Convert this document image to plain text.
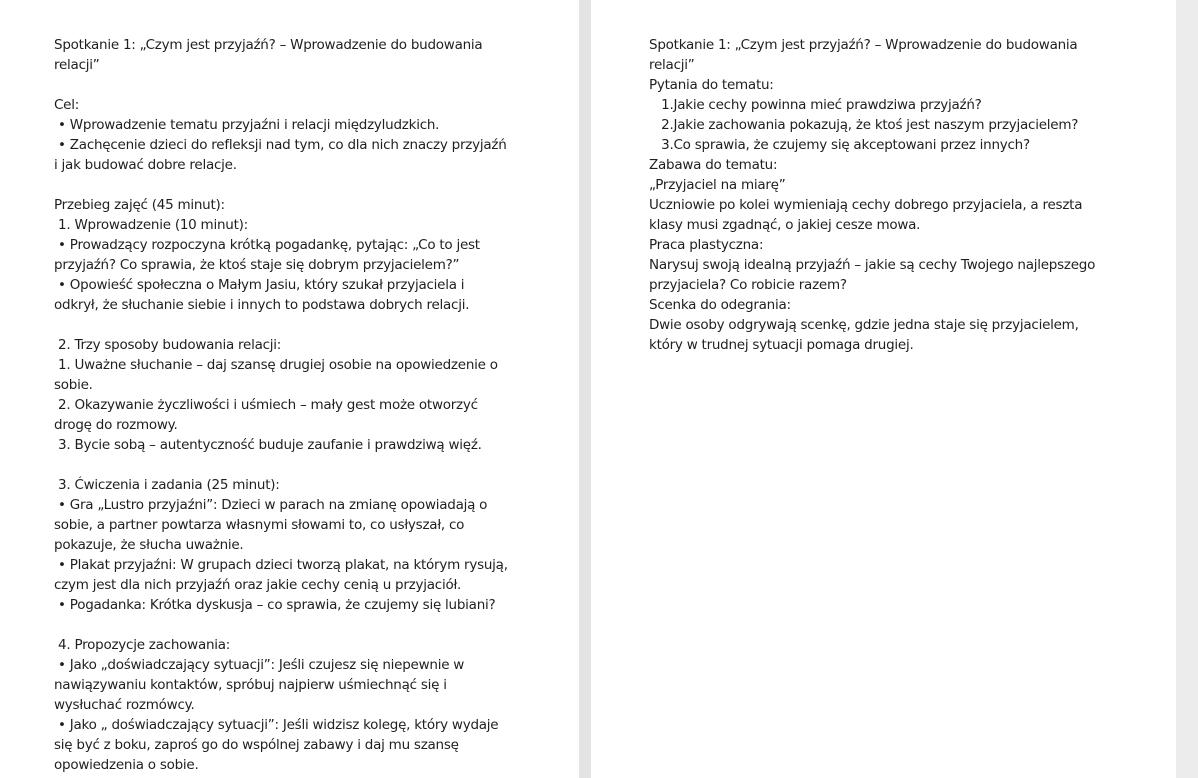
Spotkanie 1: „Czym jest przyjaźń? – Wprowadzenie do budowania
relacji”
Cel:
• Wprowadzenie tematu przyjaźni i relacji międzyludzkich.
• Zachęcenie dzieci do refleksji nad tym, co dla nich znaczy przyjaźń
i jak budować dobre relacje.
Przebieg zajęć (45 minut):
1. Wprowadzenie (10 minut):
• Prowadzący rozpoczyna krótką pogadankę, pytając: „Co to jest
przyjaźń? Co sprawia, że ktoś staje się dobrym przyjacielem?”
• Opowieść społeczna o Małym Jasiu, który szukał przyjaciela i
odkrył, że słuchanie siebie i innych to podstawa dobrych relacji.
2. Trzy sposoby budowania relacji:
1. Uważne słuchanie – daj szansę drugiej osobie na opowiedzenie o
sobie.
2. Okazywanie życzliwości i uśmiech – mały gest może otworzyć
drogę do rozmowy.
3. Bycie sobą – autentyczność buduje zaufanie i prawdziwą więź.
3. Ćwiczenia i zadania (25 minut):
• Gra „Lustro przyjaźni”: Dzieci w parach na zmianę opowiadają o
sobie, a partner powtarza własnymi słowami to, co usłyszał, co
pokazuje, że słucha uważnie.
• Plakat przyjaźni: W grupach dzieci tworzą plakat, na którym rysują,
czym jest dla nich przyjaźń oraz jakie cechy cenią u przyjaciół.
• Pogadanka: Krótka dyskusja – co sprawia, że czujemy się lubiani?
4. Propozycje zachowania:
• Jako „doświadczający sytuacji”: Jeśli czujesz się niepewnie w
nawiązywaniu kontaktów, spróbuj najpierw uśmiechnąć się i
wysłuchać rozmówcy.
• Jako „ doświadczający sytuacji”: Jeśli widzisz kolegę, który wydaje
się być z boku, zaproś go do wspólnej zabawy i daj mu szansę
opowiedzenia o sobie.
Spotkanie 1: „Czym jest przyjaźń? – Wprowadzenie do budowania
relacji”
Pytania do tematu:
1.Jakie cechy powinna mieć prawdziwa przyjaźń?
2.Jakie zachowania pokazują, że ktoś jest naszym przyjacielem?
3.Co sprawia, że czujemy się akceptowani przez innych?
Zabawa do tematu:
„Przyjaciel na miarę”
Uczniowie po kolei wymieniają cechy dobrego przyjaciela, a reszta
klasy musi zgadnąć, o jakiej cesze mowa.
Praca plastyczna:
Narysuj swoją idealną przyjaźń – jakie są cechy Twojego najlepszego
przyjaciela? Co robicie razem?
Scenka do odegrania:
Dwie osoby odgrywają scenkę, gdzie jedna staje się przyjacielem,
który w trudnej sytuacji pomaga drugiej.
